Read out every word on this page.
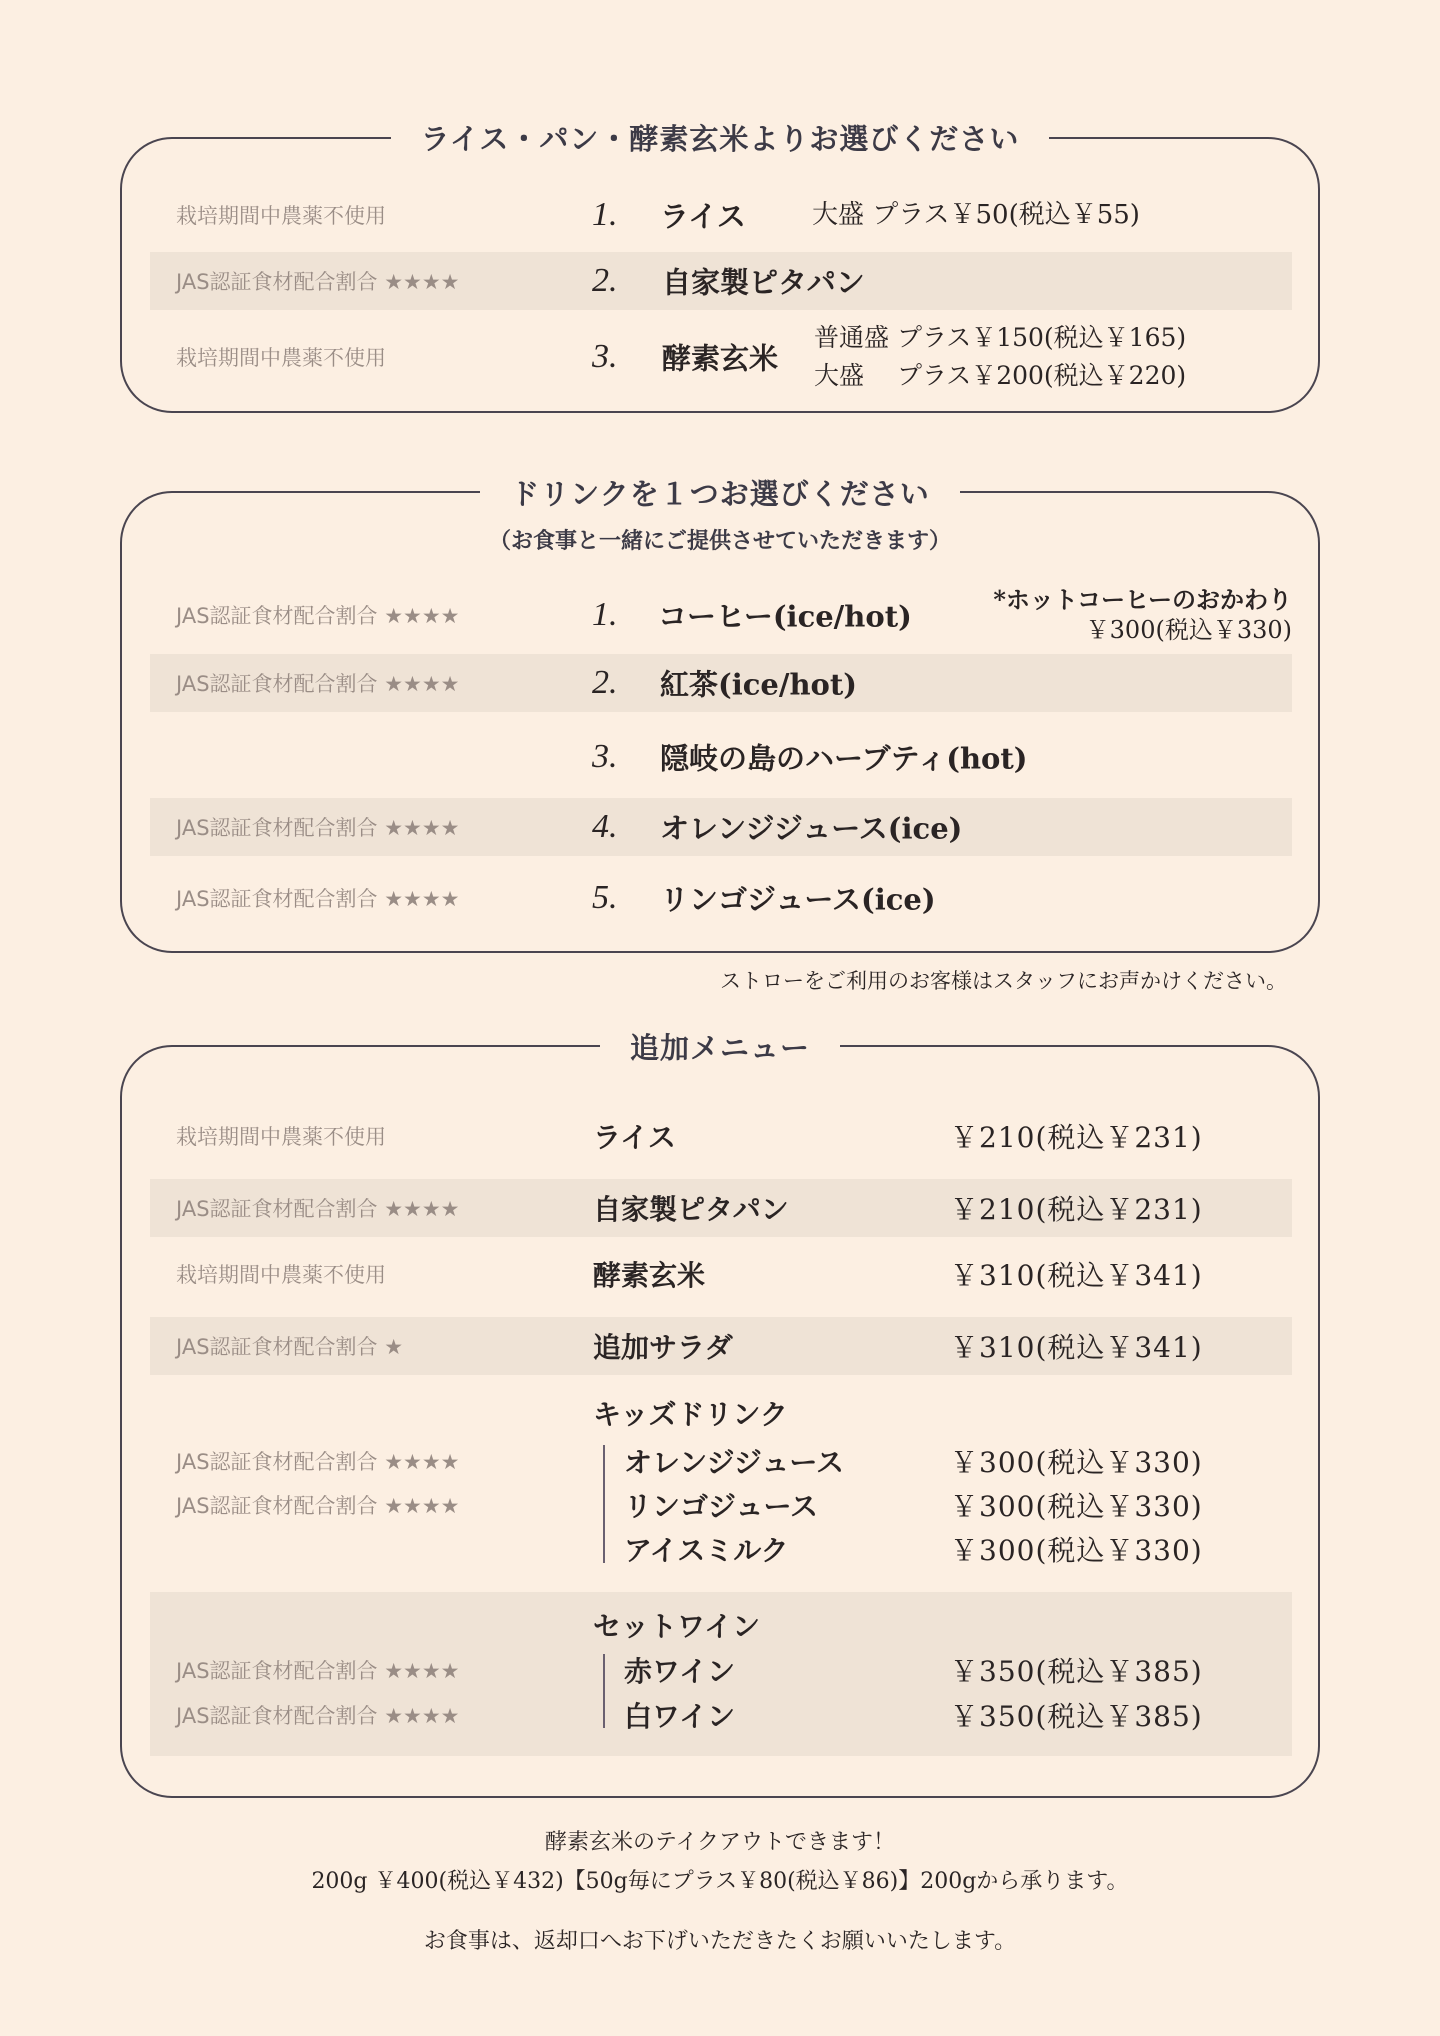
ライス・パン・酵素玄米よりお選びください
栽培期間中農薬不使用	1. ライス	大盛 プラス￥50(税込￥55)
JAS認証食材配合割合 ★★★★	2. 自家製ピタパン
栽培期間中農薬不使用	3. 酵素玄米
普通盛 プラス￥150(税込￥165)
大盛　 プラス￥200(税込￥220)
ドリンクを１つお選びください
（お食事と一緒にご提供させていただきます）
JAS認証食材配合割合 ★★★★	1. コーヒー(ice/hot)	*ホットコーヒーのおかわり
￥300(税込￥330)
JAS認証食材配合割合 ★★★★	2. 紅茶(ice/hot)
3. 隠岐の島のハーブティ(hot)
JAS認証食材配合割合 ★★★★	4. オレンジジュース(ice)
JAS認証食材配合割合 ★★★★	5. リンゴジュース(ice)
ストローをご利用のお客様はスタッフにお声かけください。
追加メニュー
栽培期間中農薬不使用	ライス	￥210(税込￥231)
JAS認証食材配合割合 ★★★★	自家製ピタパン	￥210(税込￥231)
栽培期間中農薬不使用	酵素玄米	￥310(税込￥341)
JAS認証食材配合割合 ★	追加サラダ	￥310(税込￥341)
キッズドリンク
JAS認証食材配合割合 ★★★★	オレンジジュース	￥300(税込￥330)
JAS認証食材配合割合 ★★★★	リンゴジュース	￥300(税込￥330)
アイスミルク	￥300(税込￥330)
セットワイン
JAS認証食材配合割合 ★★★★	赤ワイン	￥350(税込￥385)
JAS認証食材配合割合 ★★★★	白ワイン	￥350(税込￥385)
酵素玄米のテイクアウトできます！
200g ￥400(税込￥432)【50g毎にプラス￥80(税込￥86)】200gから承ります。
お食事は、返却口へお下げいただきたくお願いいたします。
